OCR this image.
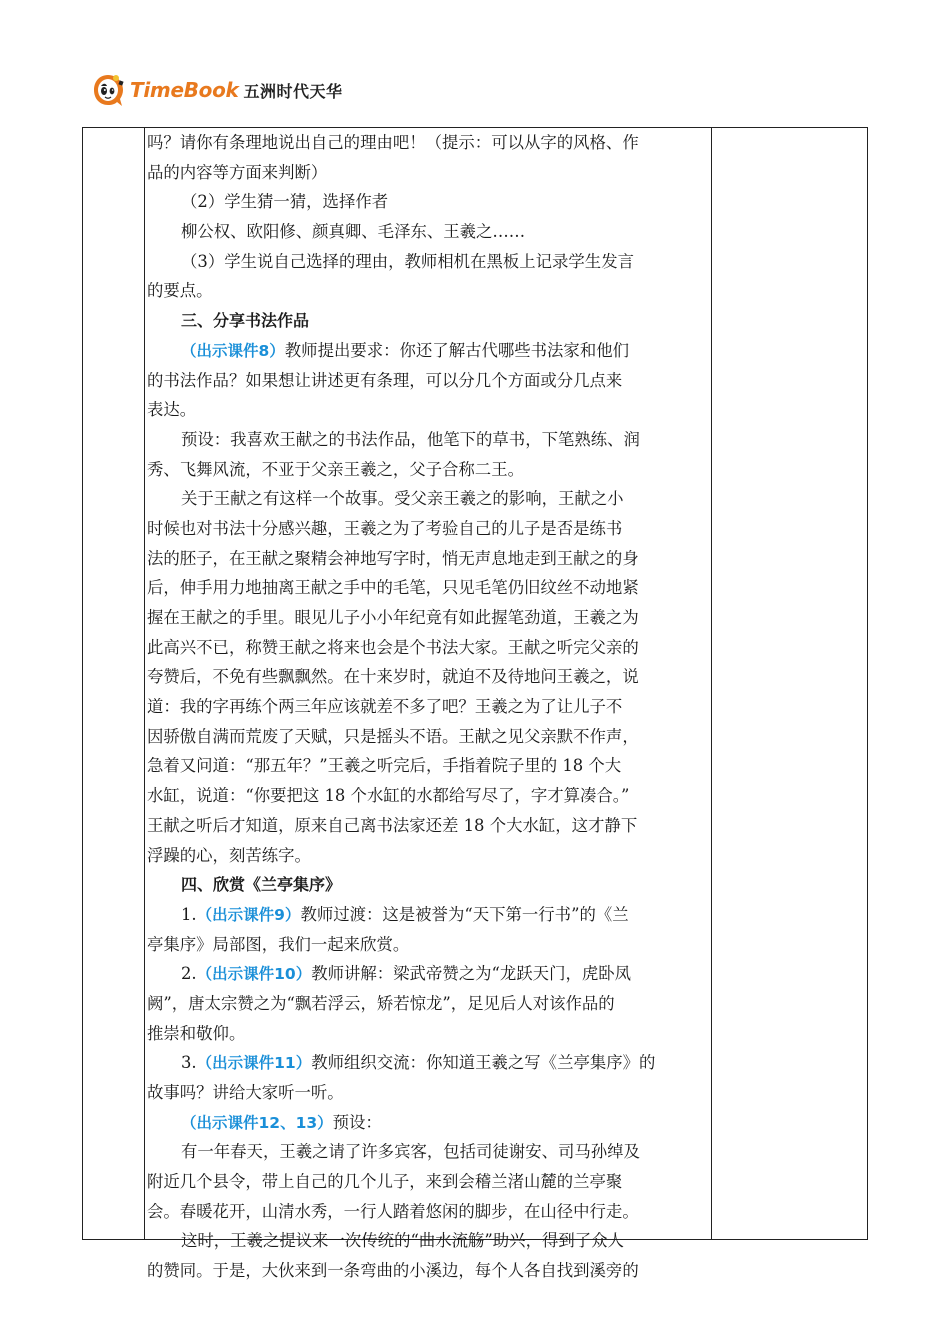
TimeBook 五洲时代天华
吗？请你有条理地说出自己的理由吧！（提示：可以从字的风格、作
品的内容等方面来判断）
（2）学生猜一猜，选择作者
柳公权、欧阳修、颜真卿、毛泽东、王羲之……
（3）学生说自己选择的理由，教师相机在黑板上记录学生发言
的要点。
三、分享书法作品
（出示课件8）教师提出要求：你还了解古代哪些书法家和他们
的书法作品？如果想让讲述更有条理，可以分几个方面或分几点来
表达。
预设：我喜欢王献之的书法作品，他笔下的草书，下笔熟练、润
秀、飞舞风流，不亚于父亲王羲之，父子合称二王。
关于王献之有这样一个故事。受父亲王羲之的影响，王献之小
时候也对书法十分感兴趣，王羲之为了考验自己的儿子是否是练书
法的胚子，在王献之聚精会神地写字时，悄无声息地走到王献之的身
后，伸手用力地抽离王献之手中的毛笔，只见毛笔仍旧纹丝不动地紧
握在王献之的手里。眼见儿子小小年纪竟有如此握笔劲道，王羲之为
此高兴不已，称赞王献之将来也会是个书法大家。王献之听完父亲的
夸赞后，不免有些飘飘然。在十来岁时，就迫不及待地问王羲之，说
道：我的字再练个两三年应该就差不多了吧？王羲之为了让儿子不
因骄傲自满而荒废了天赋，只是摇头不语。王献之见父亲默不作声，
急着又问道：“那五年？”王羲之听完后，手指着院子里的 18 个大
水缸，说道：“你要把这 18 个水缸的水都给写尽了，字才算凑合。”
王献之听后才知道，原来自己离书法家还差 18 个大水缸，这才静下
浮躁的心，刻苦练字。
四、欣赏《兰亭集序》
1.（出示课件9）教师过渡：这是被誉为“天下第一行书”的《兰
亭集序》局部图，我们一起来欣赏。
2.（出示课件10）教师讲解：梁武帝赞之为“龙跃天门，虎卧凤
阙”，唐太宗赞之为“飘若浮云，矫若惊龙”，足见后人对该作品的
推崇和敬仰。
3.（出示课件11）教师组织交流：你知道王羲之写《兰亭集序》的
故事吗？讲给大家听一听。
（出示课件12、13）预设：
有一年春天，王羲之请了许多宾客，包括司徒谢安、司马孙绰及
附近几个县令，带上自己的几个儿子，来到会稽兰渚山麓的兰亭聚
会。春暖花开，山清水秀，一行人踏着悠闲的脚步，在山径中行走。
这时，王羲之提议来一次传统的“曲水流觞”助兴，得到了众人
的赞同。于是，大伙来到一条弯曲的小溪边，每个人各自找到溪旁的
